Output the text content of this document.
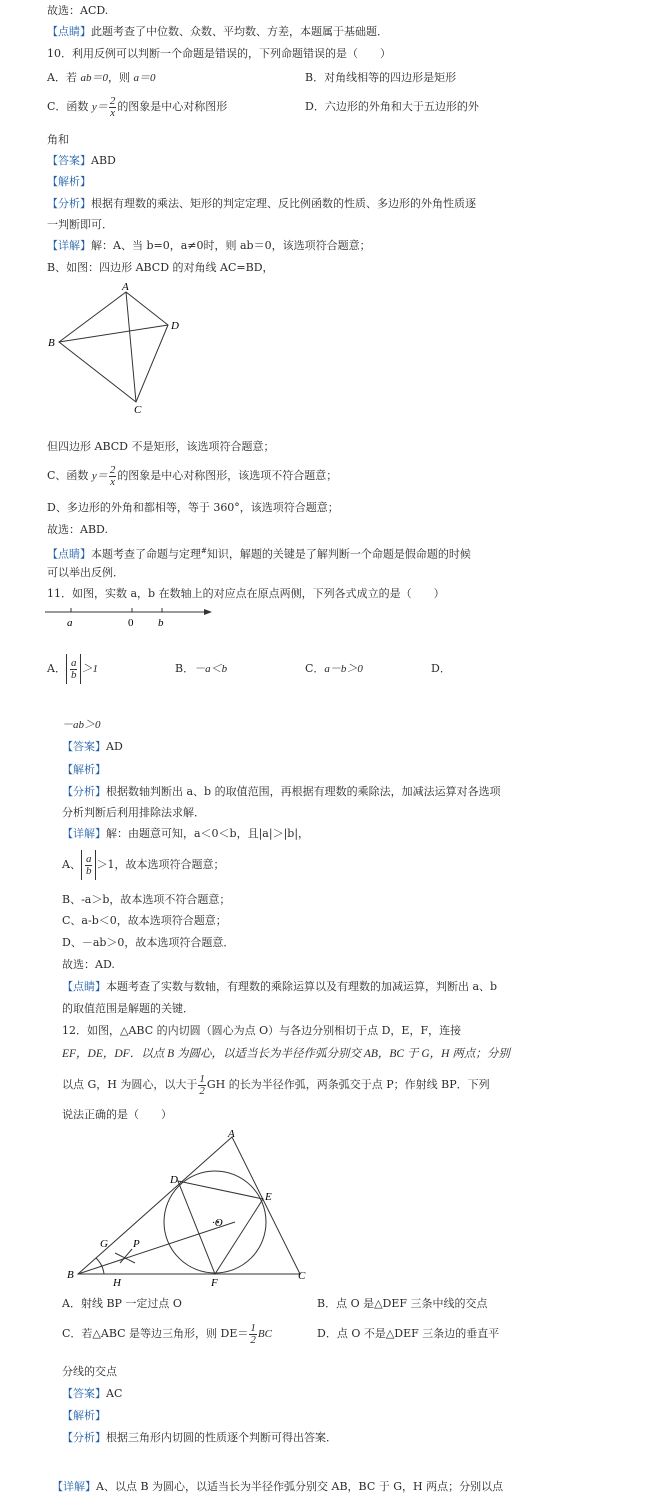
故选：ACD.
【点睛】此题考查了中位数、众数、平均数、方差，本题属于基础题．
10．利用反例可以判断一个命题是错误的，下列命题错误的是（　　）
A．若 ab＝0，则 a＝0	B．对角线相等的四边形是矩形
C．函数 $y= \frac{2}{x}$ 的图象是中心对称图形	D．六边形的外角和大于五边形的外
角和
【答案】ABD
【解析】
【分析】根据有理数的乘法、矩形的判定定理、反比例函数的性质、多边形的外角性质逐
一判断即可．
【详解】解：A、当 b=0，a≠0时，则 ab＝0，该选项符合题意；
B、如图：四边形 ABCD 的对角线 AC=BD，
A
B
C
D
但四边形 ABCD 不是矩形，该选项符合题意；
C、函数 $y= \frac{2}{x}$ 的图象是中心对称图形，该选项不符合题意；
D、多边形的外角和都相等，等于 360°，该选项符合题意；
故选：ABD.
【点睛】本题考查了命题与定理#知识，解题的关键是了解判断一个命题是假命题的时候
可以举出反例．
11．如图，实数 a，b 在数轴上的对应点在原点两侧，下列各式成立的是（　　）
a	0 b
A． $\frac{a}{b} >1$	B．－a＜b	C．a－b＞0	D．
－ab＞0
【答案】AD
【解析】
【分析】根据数轴判断出 a、b 的取值范围，再根据有理数的乘除法，加减法运算对各选项
分析判断后利用排除法求解．
【详解】解：由题意可知，a＜0＜b，且|a|＞|b|，
A、 $\frac{a}{b} >1$，故本选项符合题意；
B、-a＞b，故本选项不符合题意；
C、a-b＜0，故本选项符合题意；
D、－ab＞0，故本选项符合题意．
故选：AD.
【点睛】本题考查了实数与数轴，有理数的乘除运算以及有理数的加减运算，判断出 a、b
的取值范围是解题的关键．
12．如图，△ABC 的内切圆（圆心为点 O）与各边分别相切于点 D，E，F，连接
EF，DE，DF．以点 B 为圆心，以适当长为半径作弧分别交 AB，BC 于 G，H 两点；分别
以点 G，H 为圆心，以大于 $\frac{1}{2}$ GH 的长为半径作弧，两条弧交于点 P；作射线 BP．下列
说法正确的是（　　）
A
B	C
D
E
F
G
H
P
·O
A．射线 BP 一定过点 O	B．点 O 是△DEF 三条中线的交点
C．若△ABC 是等边三角形，则 $DE= \frac{1}{2}$ BC	D．点 O 不是△DEF 三条边的垂直平
分线的交点
【答案】AC
【解析】
【分析】根据三角形内切圆的性质逐个判断可得出答案．
【详解】A、以点 B 为圆心，以适当长为半径作弧分别交 AB，BC 于 G，H 两点；分别以点
